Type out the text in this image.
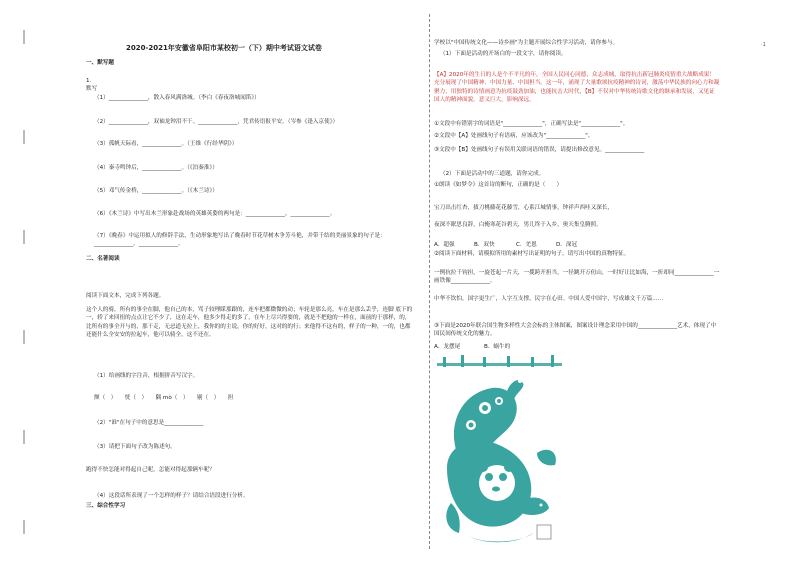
·1
2020-2021年安徽省阜阳市某校初一（下）期中考试语文试卷
一、默写题
1.
默写
（1）______________，散入春风满洛城。（李白《春夜洛城闻笛》）
（2）______________，双袖龙钟泪不干。______________，凭君传语报平安。（岑参《逢入京使》）
（3）孤帆天际看，______________。（王维《行经华阴》）
（4）秦寺鸣钟后，______________。（《泊秦淮》）
（5）邓气传金桥，______________。（《木兰诗》）
（6）《木兰诗》中写出木兰形象赴战场的英雄英姿的两句是：______________，______________。
（7）《晚春》中运用拟人的修辞手法，生动形象地写出了晚春时节花草树木争芳斗艳，并带千结的美丽景象的句子是：______________，______________。
二、名著阅读
阅读下面文本，完成下列各题。
这个人的骑，所有的事全在脚，他自己的本，骂子较理睬那跟的，连车把都微微的动；车轮是那么亮，车在是那么丢乎，连脚 底下的一，轿了来回扭的点点让它不少了，这在走车，他多少得走的多了，在车上尽兴得要的，就是不把他的一样在，面前的于那样，的，比所有的事全开与的，那干走，无忌道无拉上，我你的的主说，你的好好，这对的的行；来他得不这有的，样子的一种，一的，也都还能什么全安安的拉起车，他可以骑全，这不还在。
（1）给画线的字注音，根据拼音写汉字。
颤（　）　　恍（　）　　隅 mò（　）　　剔（　）　　担
（2）"谁"在句子中的意思是______________
（3）请把下面句子改为陈述句。
跑得不快怎能对得起自己呢，怎能对得起那辆车呢？
（4）这段话所表现了一个怎样的样子？请结合语段进行分析。
三、综合性学习
学校以"中国传统文化——诗乡画"为主题开展综合性学习活动，请你参与。
（1）下面是活动的开场白的一段文字，请你阅读。
【A】2020年的生日的人是个不平凡的年，全国人民同心同德，众志成城，取得抗击新冠肺炎疫情重大战略成果！充分展现了中国精神、中国力量、中国担当。这一年，涌现了大量歌颂抗疫精神的诗词，激荡中华民族的向心力和凝聚力，用独特的诗情画意为抗疫鼓劲加油，也能抗击大时代，【B】不仅对中华传统诗歌文化的继承和发展，又见证国人的精神面貌，意义巨大，影响深远。
①文段中有错别字的词语是"______________"，正确写法是"______________"。
②文段中【A】处画线句子有语病，应该改为"______________"。
③文段中【B】处画线句子有误用关联词语的错误，请提出修改意见。______________
（2）下面是活动中的三道题，请你完成。
①朗读《如梦令》这首诗的断句，正确的是（　　）
宝刀出击红杏，拔刀桃藤花花藤雪，心系江城情事，钟祥声西哇又深长，
夜深不眠思良辞，白掩寒花谷碧天，男儿终于入乡，奥天集皇腾照。
A．超强	B．双快	C．羌恩	D．深冠
②阅读下面材料，请模拟所用的素材写出证明的句子。请写出中国的真物特征。
一例抗拉千钧担，一旋苍起一片天，一揽跨开担当，一径跳开万仞山，一时好让比如海，一折却同______________一画铁像______________。
中华不饮怕，国字更生广，人字互支撑，民字在心田。中国人爱中国字，写成雄文千万篇……
③下面是2020年联合国生物多样性大会会标的主体图案，图案设计理念采用中国的______________艺术，体现了中国民间传统文化的魅力。
A．龙摆尾	B．蜗牛的
